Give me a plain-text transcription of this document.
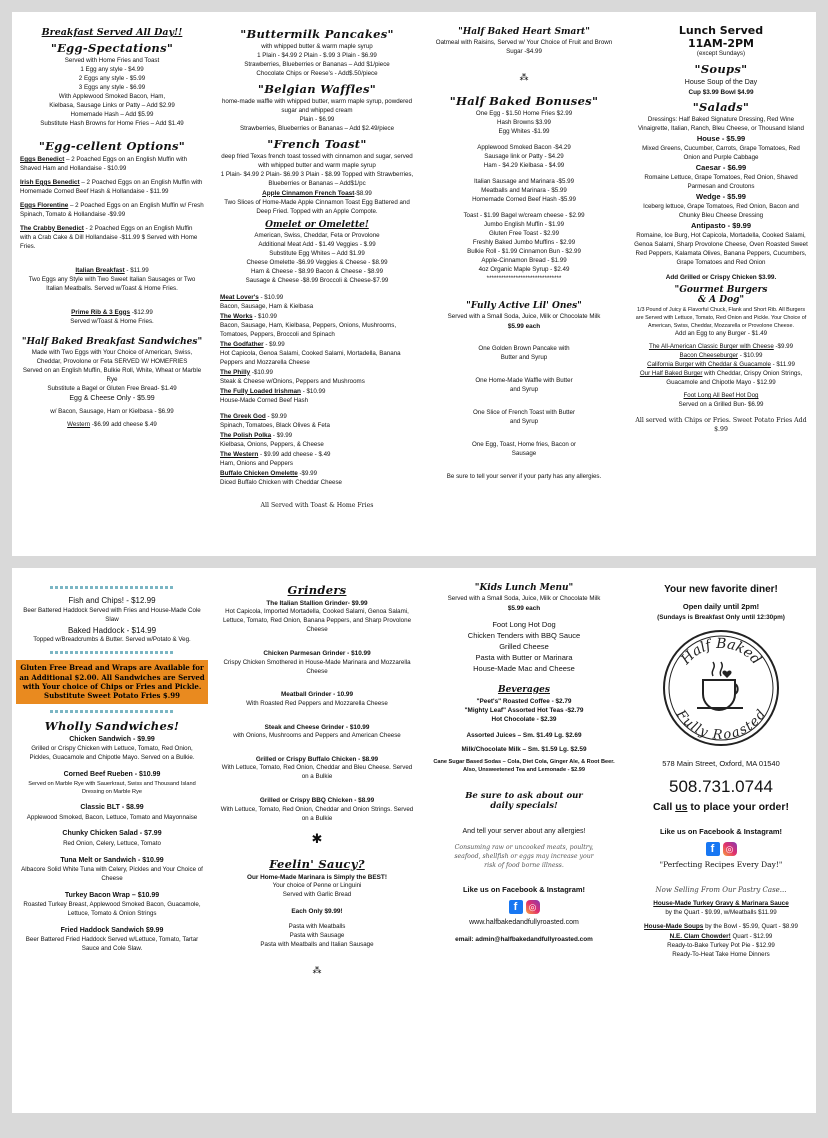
Breakfast Served All Day!!
"Egg-Spectations"

Served with Home Fries and Toast

1 Egg any style - $4.99

2 Eggs any style - $5.99

3 Eggs any style - $6.99

With Applewood Smoked Bacon, Ham,

Kielbasa, Sausage Links or Patty – Add $2.99

Homemade Hash – Add $5.99

Substitute Hash Browns for Home Fries – Add $1.49

"Egg-cellent Options"

Eggs Benedict – 2 Poached Eggs on an English Muffin with Shaved Ham and Hollandaise - $10.99

Irish Eggs Benedict – 2 Poached Eggs on an English Muffin with Homemade Corned Beef Hash & Hollandaise - $11.99

Eggs Florentine – 2 Poached Eggs on an English Muffin w/ Fresh Spinach, Tomato & Hollandaise -$9.99

The Crabby Benedict - 2 Poached Eggs on an English Muffin with a Crab Cake & Dill Hollandaise -$11.99 $ Served with Home Fries.

Italian Breakfast - $11.99

Two Eggs any Style with Two Sweet Italian Sausages or Two Italian Meatballs. Served w/Toast & Home Fries.

Prime Rib & 3 Eggs -$12.99

Served w/Toast & Home Fries.

"Half Baked Breakfast Sandwiches"

Made with Two Eggs with Your Choice of American, Swiss, Cheddar, Provolone or Feta SERVED W/ HOMEFRIES

Served on an English Muffin, Bulkie Roll, White, Wheat or Marble Rye

Substitute a Bagel or Gluten Free Bread- $1.49

Egg & Cheese Only - $5.99

w/ Bacon, Sausage, Ham or Kielbasa - $6.99

Western -$6.99 add cheese $.49

"Buttermilk Pancakes"

with whipped butter & warm maple syrup

1 Plain - $4.99 2 Plain - $.99 3 Plain - $6.99

Strawberries, Blueberries or Bananas – Add $1/piece

Chocolate Chips or Reese's - Add$.50/piece

"Belgian Waffles"

home-made waffle with whipped butter, warm maple syrup, powdered sugar and whipped cream

Plain - $6.99

Strawberries, Blueberries or Bananas – Add $2.49/piece

"French Toast"

deep fried Texas french toast tossed with cinnamon and sugar, served with whipped butter and warm maple syrup

1 Plain- $4.99 2 Plain- $6.99 3 Plain - $8.99 Topped with Strawberries, Blueberries or Bananas – Add$1/pc

Apple Cinnamon French Toast-$8.99

Two Slices of Home-Made Apple Cinnamon Toast Egg Battered and Deep Fried. Topped with an Apple Compote.

Omelet or Omelette!

American, Swiss, Cheddar, Feta or Provolone

Additional Meat Add - $1.49 Veggies - $.99

Substitute Egg Whites – Add $1.99

Cheese Omelette -$6.99 Veggies & Cheese - $8.99

Ham & Cheese - $8.99 Bacon & Cheese - $8.99

Sausage & Cheese -$8.99 Broccoli & Cheese-$7.99

Meat Lover's - $10.99

Bacon, Sausage, Ham & Kielbasa

The Works - $10.99

Bacon, Sausage, Ham, Kielbasa, Peppers, Onions, Mushrooms, Tomatoes, Peppers, Broccoli and Spinach

The Godfather - $9.99

Hot Capicola, Genoa Salami, Cooked Salami, Mortadella, Banana Peppers and Mozzarella Cheese

The Philly -$10.99

Steak & Cheese w/Onions, Peppers and Mushrooms

The Fully Loaded Irishman - $10.99

House-Made Corned Beef Hash

The Greek God - $9.99

Spinach, Tomatoes, Black Olives & Feta

The Polish Polka - $9.99

Kielbasa, Onions, Peppers, & Cheese

The Western - $9.99 add cheese - $.49

Ham, Onions and Peppers

Buffalo Chicken Omelette -$9.99

Diced Buffalo Chicken with Cheddar Cheese

All Served with Toast & Home Fries

"Half Baked Heart Smart"

Oatmeal with Raisins, Served w/ Your Choice of Fruit and Brown Sugar -$4.99

⁂
"Half Baked Bonuses"

One Egg - $1.50 Home Fries $2.99

Hash Browns $3.99

Egg Whites -$1.99

Applewood Smoked Bacon -$4.29

Sausage link or Patty - $4.29

Ham - $4.29 Kielbasa - $4.99

Italian Sausage and Marinara -$5.99

Meatballs and Marinara - $5.99

Homemade Corned Beef Hash -$5.99

Toast - $1.99 Bagel w/cream cheese - $2.99

Jumbo English Muffin - $1.99

Gluten Free Toast - $2.99

Freshly Baked Jumbo Muffins - $2.99

Bulkie Roll - $1.99 Cinnamon Bun - $2.99

Apple-Cinnamon Bread - $1.99

4oz Organic Maple Syrup - $2.49

*******************************

"Fully Active Lil' Ones"

Served with a Small Soda, Juice, Milk or Chocolate Milk

$5.99 each

One Golden Brown Pancake with Butter and Syrup

One Home-Made Waffle with Butter and Syrup

One Slice of French Toast with Butter and Syrup

One Egg, Toast, Home fries, Bacon or Sausage

Be sure to tell your server if your party has any allergies.

Lunch Served
11AM-2PM

(except Sundays)

"Soups"

House Soup of the Day

Cup $3.99 Bowl $4.99

"Salads"

Dressings: Half Baked Signature Dressing, Red Wine Vinaigrette, Italian, Ranch, Bleu Cheese, or Thousand Island

House - $5.99

Mixed Greens, Cucumber, Carrots, Grape Tomatoes, Red Onion and Purple Cabbage

Caesar - $6.99

Romaine Lettuce, Grape Tomatoes, Red Onion, Shaved Parmesan and Croutons

Wedge - $5.99

Iceberg lettuce, Grape Tomatoes, Red Onion, Bacon and Chunky Bleu Cheese Dressing

Antipasto - $9.99

Romaine, Ice Burg, Hot Capicola, Mortadella, Cooked Salami, Genoa Salami, Sharp Provolone Cheese, Oven Roasted Sweet Red Peppers, Kalamata Olives, Banana Peppers, Cucumbers, Grape Tomatoes and Red Onion

Add Grilled or Crispy Chicken $3.99.

"Gourmet Burgers
& A Dog"

1/3 Pound of Juicy & Flavorful Chuck, Flank and Short Rib. All Burgers are Served with Lettuce, Tomato, Red Onion and Pickle. Your Choice of American, Swiss, Cheddar, Mozzarella or Provolone Cheese.

Add an Egg to any Burger - $1.49

The All-American Classic Burger with Cheese -$9.99

Bacon Cheeseburger - $10.99

California Burger with Cheddar & Guacamole - $11.99

Our Half Baked Burger with Cheddar, Crispy Onion Strings, Guacamole and Chipotle Mayo - $12.99

Foot Long All Beef Hot Dog

Served on a Grilled Bun- $6.99

All served with Chips or Fries. Sweet Potato Fries Add $.99

Fish and Chips! - $12.99

Beer Battered Haddock Served with Fries and House-Made Cole Slaw

Baked Haddock - $14.99

Topped w/Breadcrumbs & Butter. Served w/Potato & Veg.

Gluten Free Bread and Wraps are Available for an Additional $2.00. All Sandwiches are Served with Your choice of Chips or Fries and Pickle. Substitute Sweet Potato Fries $.99
Wholly Sandwiches!

Chicken Sandwich - $9.99

Grilled or Crispy Chicken with Lettuce, Tomato, Red Onion, Pickles, Guacamole and Chipotle Mayo. Served on a Bulkie.

Corned Beef Rueben - $10.99

Served on Marble Rye with Sauerkraut, Swiss and Thousand Island Dressing on Marble Rye

Classic BLT - $8.99

Applewood Smoked, Bacon, Lettuce, Tomato and Mayonnaise

Chunky Chicken Salad - $7.99

Red Onion, Celery, Lettuce, Tomato

Tuna Melt or Sandwich - $10.99

Albacore Solid White Tuna with Celery, Pickles and Your Choice of Cheese

Turkey Bacon Wrap – $10.99

Roasted Turkey Breast, Applewood Smoked Bacon, Guacamole, Lettuce, Tomato & Onion Strings

Fried Haddock Sandwich $9.99

Beer Battered Fried Haddock Served w/Lettuce, Tomato, Tartar Sauce and Cole Slaw.

Grinders

The Italian Stallion Grinder- $9.99

Hot Capicola, Imported Mortadella, Cooked Salami, Genoa Salami, Lettuce, Tomato, Red Onion, Banana Peppers, and Sharp Provolone Cheese

Chicken Parmesan Grinder - $10.99

Crispy Chicken Smothered in House-Made Marinara and Mozzarella Cheese

Meatball Grinder - 10.99

With Roasted Red Peppers and Mozzarella Cheese

Steak and Cheese Grinder - $10.99

with Onions, Mushrooms and Peppers and American Cheese

Grilled or Crispy Buffalo Chicken - $8.99

With Lettuce, Tomato, Red Onion, Cheddar and Bleu Cheese. Served on a Bulkie

Grilled or Crispy BBQ Chicken - $8.99

With Lettuce, Tomato, Red Onion, Cheddar and Onion Strings. Served on a Bulkie

✱
Feelin' Saucy?

Our Home-Made Marinara is Simply the BEST!

Your choice of Penne or Linguini

Served with Garlic Bread

Each Only $9.99!

Pasta with Meatballs

Pasta with Sausage

Pasta with Meatballs and Italian Sausage

⁂
"Kids Lunch Menu"

Served with a Small Soda, Juice, Milk or Chocolate Milk

$5.99 each

Foot Long Hot Dog

Chicken Tenders with BBQ Sauce

Grilled Cheese

Pasta with Butter or Marinara

House-Made Mac and Cheese

Beverages

"Peet's" Roasted Coffee - $2.79

"Mighty Leaf" Assorted Hot Teas -$2.79

Hot Chocolate - $2.39

Assorted Juices – Sm. $1.49 Lg. $2.69

Milk/Chocolate Milk – Sm. $1.59 Lg. $2.59

Cane Sugar Based Sodas – Cola, Diet Cola, Ginger Ale, & Root Beer. Also, Unsweetened Tea and Lemonade - $2.99

Be sure to ask about our daily specials!

And tell your server about any allergies!

Consuming raw or uncooked meats, poultry, seafood, shellfish or eggs may increase your risk of food borne illness.

Like us on Facebook & Instagram!

f	◎

www.halfbakedandfullyroasted.com

email: admin@halfbakedandfullyroasted.com

Your new favorite diner!

Open daily until 2pm!

(Sundays is Breakfast Only until 12:30pm)

Half Baked
Fully Roasted

578 Main Street, Oxford, MA 01540

508.731.0744

Call us to place your order!

Like us on Facebook & Instagram!

f	◎

"Perfecting Recipes Every Day!"

Now Selling From Our Pastry Case...

House-Made Turkey Gravy & Marinara Sauce

by the Quart - $9.99, w/Meatballs $11.99

House-Made Soups by the Bowl - $5.99, Quart - $8.99

N.E. Clam Chowder! Quart - $12.99

Ready-to-Bake Turkey Pot Pie - $12.99

Ready-To-Heat Take Home Dinners
